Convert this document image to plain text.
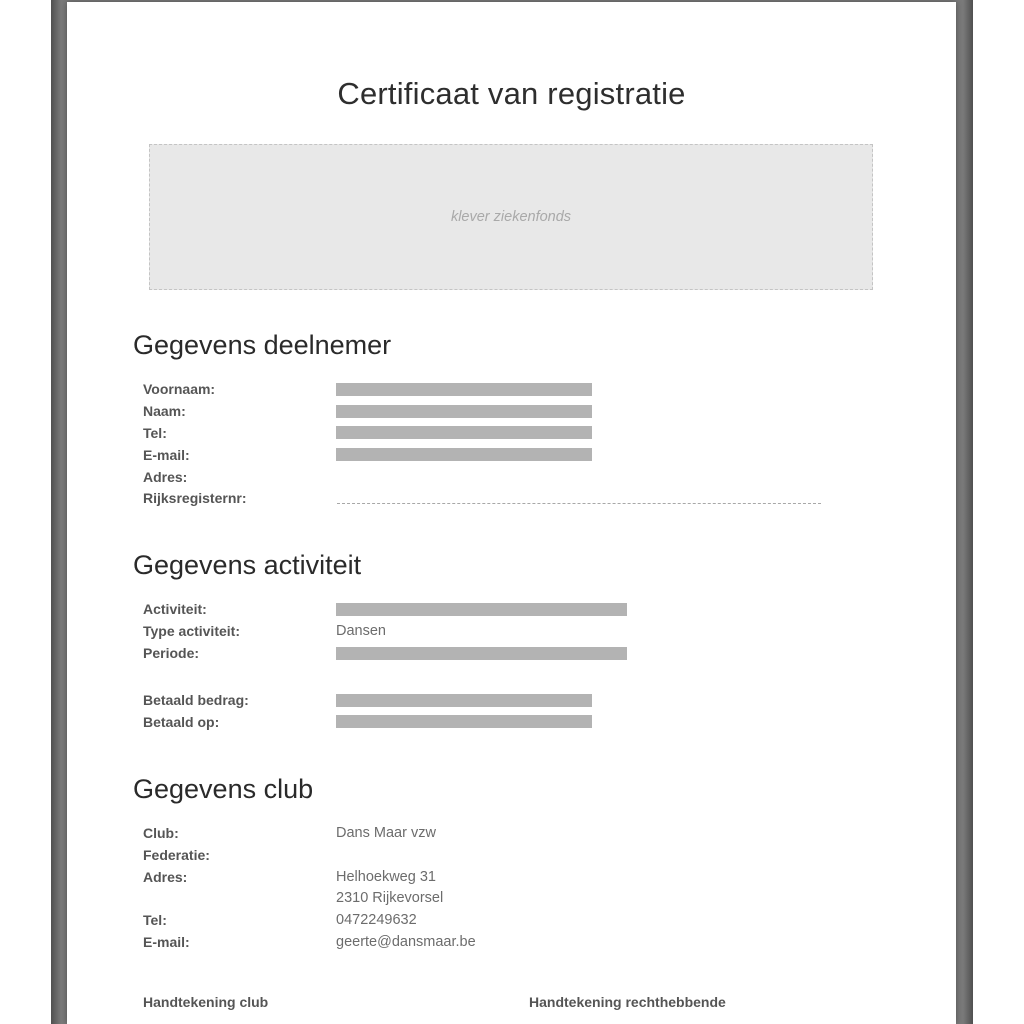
Certificaat van registratie
klever ziekenfonds
Gegevens deelnemer
Voornaam:
Naam:
Tel:
E-mail:
Adres:
Rijksregisternr:
Gegevens activiteit
Activiteit:
Type activiteit:	Dansen
Periode:
Betaald bedrag:
Betaald op:
Gegevens club
Club:	Dans Maar vzw
Federatie:
Adres:	Helhoekweg 31
2310 Rijkevorsel
Tel:	0472249632
E-mail:	geerte@dansmaar.be
Handtekening club	Handtekening rechthebbende
